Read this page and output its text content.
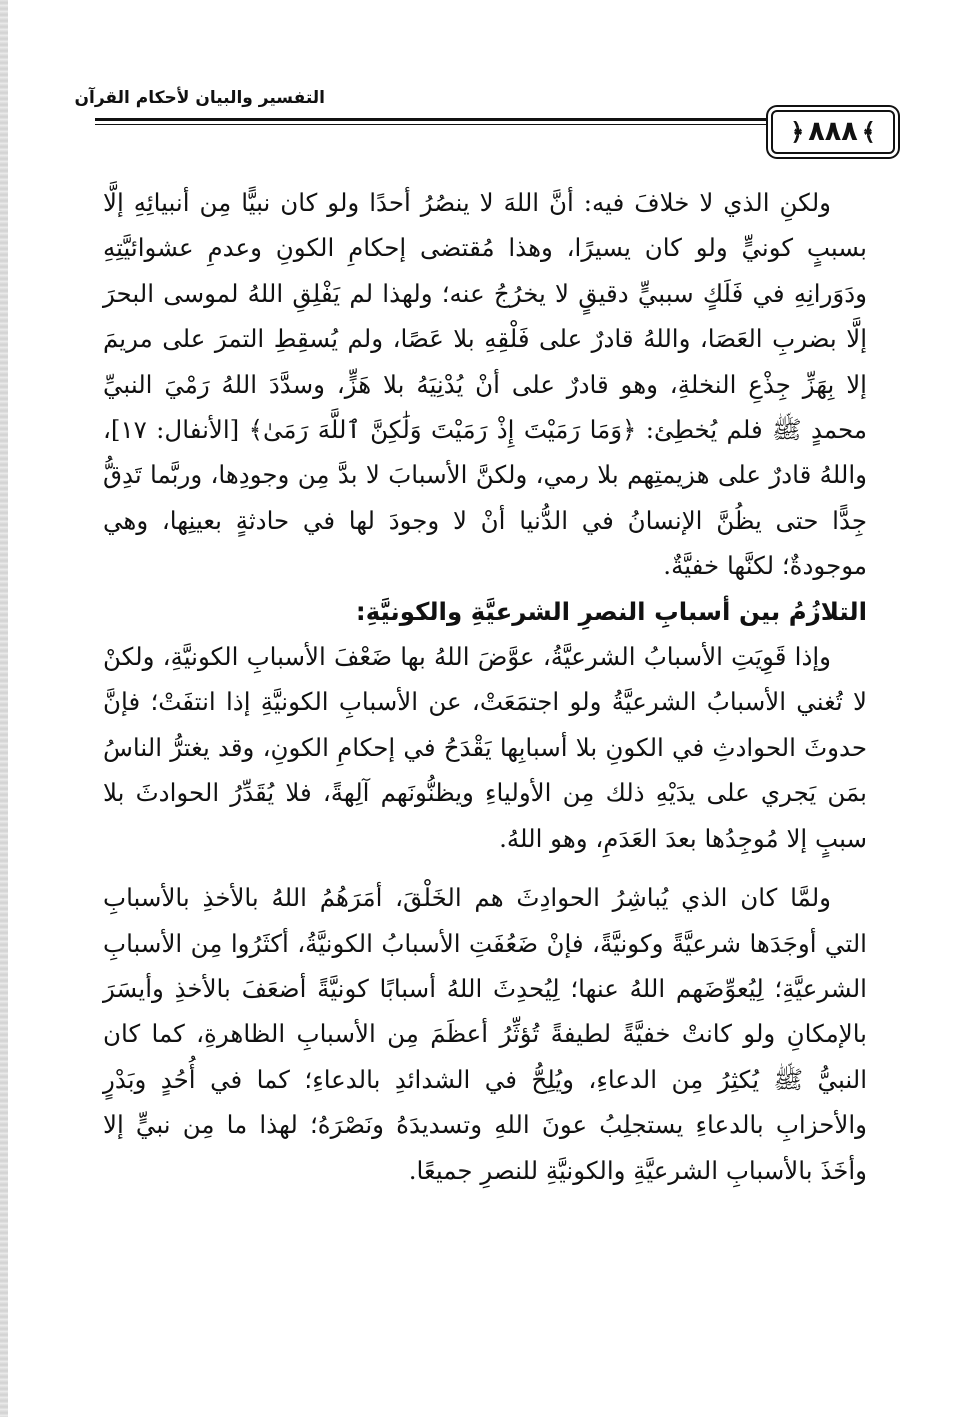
التفسير والبيان لأحكام القرآن
﴾٨٨٨﴿

ولكنِ الذي لا خلافَ فيه: أنَّ اللهَ لا ينصُرُ أحدًا ولو كان نبيًّا مِن أنبيائِهِ إلَّا بسببٍ كونيٍّ ولو كان يسيرًا، وهذا مُقتضى إحكامِ الكونِ وعدمِ عشوائيَّتِهِ ودَوَرانِهِ في فَلَكٍ سببيٍّ دقيقٍ لا يخرُجُ عنه؛ ولهذا لم يَفْلِقِ اللهُ لموسى البحرَ إلَّا بضربِ العَصَا، واللهُ قادرٌ على فَلْقِهِ بلا عَصًا، ولم يُسقِطِ التمرَ على مريمَ إلا بِهَزِّ جِذْعِ النخلةِ، وهو قادرٌ على أنْ يُدْنِيَهُ بلا هَزٍّ، وسدَّدَ اللهُ رَمْيَ النبيِّ محمدٍ ﷺ فلم يُخطِئ: ﴿وَمَا رَمَيْتَ إِذْ رَمَيْتَ وَلَٰكِنَّ ٱللَّهَ رَمَىٰ﴾ [الأنفال: ١٧]، واللهُ قادرٌ على هزيمتِهم بلا رمي، ولكنَّ الأسبابَ لا بدَّ مِن وجودِها، وربَّما تَدِقُّ جِدًّا حتى يظُنَّ الإنسانُ في الدُّنيا أنْ لا وجودَ لها في حادثةٍ بعينِها، وهي موجودةٌ؛ لكنَّها خفيَّةٌ.

التلازُمُ بين أسبابِ النصرِ الشرعيَّةِ والكونيَّةِ:

وإذا قَوِيَتِ الأسبابُ الشرعيَّةُ، عوَّضَ اللهُ بها ضَعْفَ الأسبابِ الكونيَّةِ، ولكنْ لا تُغني الأسبابُ الشرعيَّةُ ولو اجتمَعَتْ، عن الأسبابِ الكونيَّةِ إذا انتفَتْ؛ فإنَّ حدوثَ الحوادثِ في الكونِ بلا أسبابِها يَقْدَحُ في إحكامِ الكونِ، وقد يغترُّ الناسُ بمَن يَجري على يدَيْهِ ذلك مِن الأولياءِ ويظنُّونَهم آلِهةً، فلا يُقَدِّرُ الحوادثَ بلا سببٍ إلا مُوجِدُها بعدَ العَدَمِ، وهو اللهُ.

ولمَّا كان الذي يُباشِرُ الحوادِثَ هم الخَلْقَ، أمَرَهُمُ اللهُ بالأخذِ بالأسبابِ التي أوجَدَها شرعيَّةً وكونيَّةً، فإنْ ضَعُفَتِ الأسبابُ الكونيَّةُ، أكثَرُوا مِن الأسبابِ الشرعيَّةِ؛ لِيُعوِّضَهم اللهُ عنها؛ لِيُحدِثَ اللهُ أسبابًا كونيَّةً أضعَفَ بالأخذِ وأيسَرَ بالإمكانِ ولو كانتْ خفيَّةً لطيفةً تُؤثِّرُ أعظَمَ مِن الأسبابِ الظاهرةِ، كما كان النبيُّ ﷺ يُكثِرُ مِن الدعاءِ، ويُلِحُّ في الشدائدِ بالدعاءِ؛ كما في أُحُدٍ وبَدْرٍ والأحزابِ بالدعاءِ يستجلِبُ عونَ اللهِ وتسديدَهُ ونَصْرَهُ؛ لهذا ما مِن نبيٍّ إلا وأخَذَ بالأسبابِ الشرعيَّةِ والكونيَّةِ للنصرِ جميعًا.
